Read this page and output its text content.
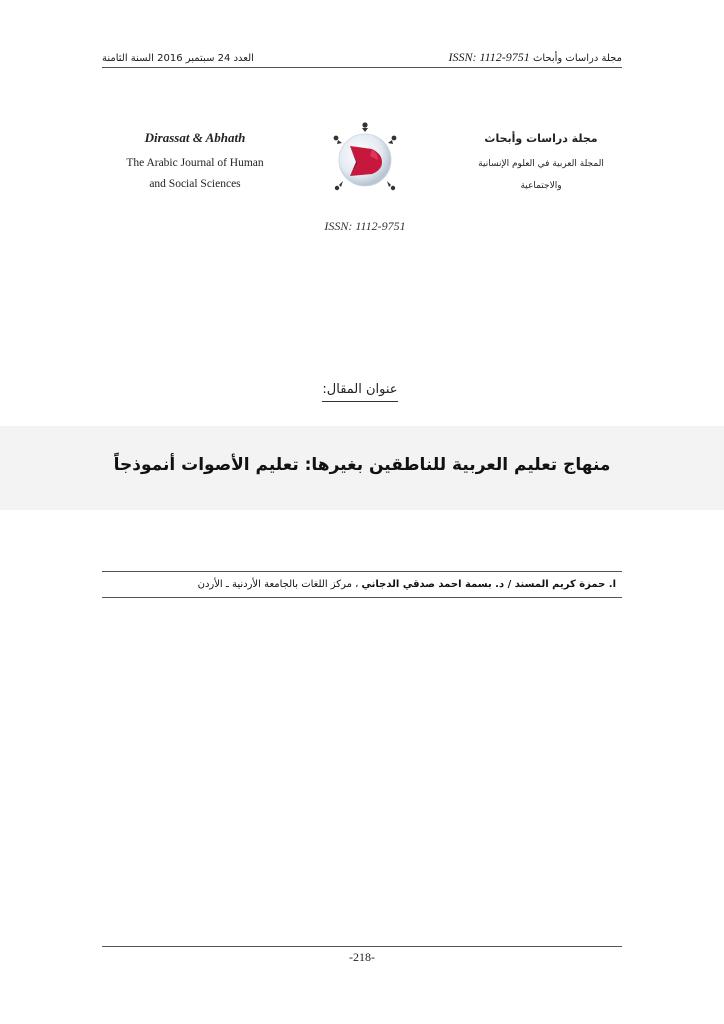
العدد 24 سبتمبر 2016 السنة الثامنة	مجلة دراسات وأبحاث ISSN: 1112-9751
Dirassat & Abhath
The Arabic Journal of Human
and Social Sciences
مجلة دراسات وأبحاث
المجلة العربية في العلوم الإنسانية
والاجتماعية
ISSN: 1112-9751
عنوان المقال:
منهاج تعليم العربية للناطقين بغيرها: تعليم الأصوات أنموذجاً
ا. حمزة كريم المسند / د. بسمة احمد صدقي الدجاني ، مركز اللغات بالجامعة الأردنية ـ الأردن
-218-
